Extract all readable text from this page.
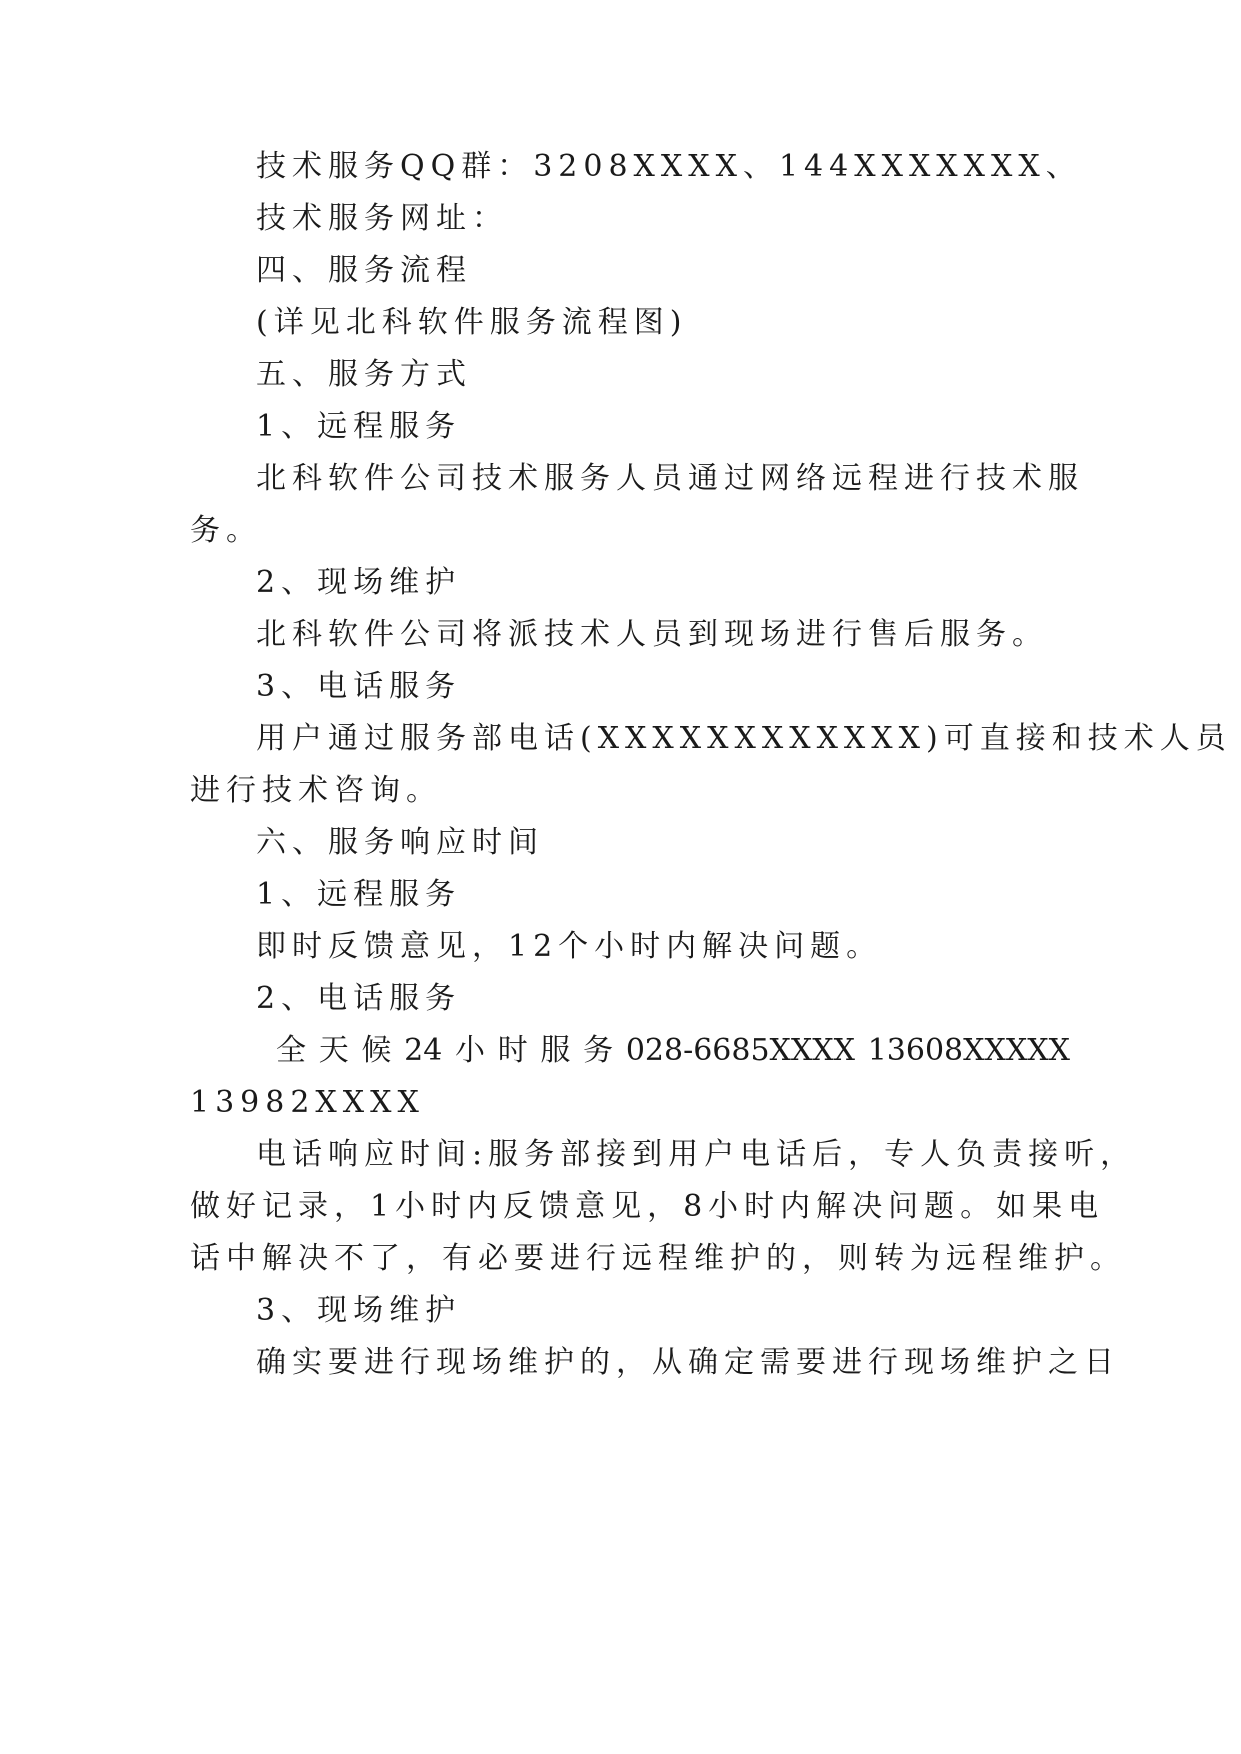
技术服务QQ群：3208XXXX、144XXXXXXX、
技术服务网址：
四、服务流程
(详见北科软件服务流程图)
五、服务方式
1、远程服务
北科软件公司技术服务人员通过网络远程进行技术服
务。
2、现场维护
北科软件公司将派技术人员到现场进行售后服务。
3、电话服务
用户通过服务部电话(XXXXXXXXXXXX)可直接和技术人员
进行技术咨询。
六、服务响应时间
1、远程服务
即时反馈意见，12个小时内解决问题。
2、电话服务
全 天 候 24 小 时 服 务 028-6685XXXX 13608XXXXX
13982XXXX
电话响应时间:服务部接到用户电话后，专人负责接听，
做好记录，1小时内反馈意见，8小时内解决问题。如果电
话中解决不了，有必要进行远程维护的，则转为远程维护。
3、现场维护
确实要进行现场维护的，从确定需要进行现场维护之日
